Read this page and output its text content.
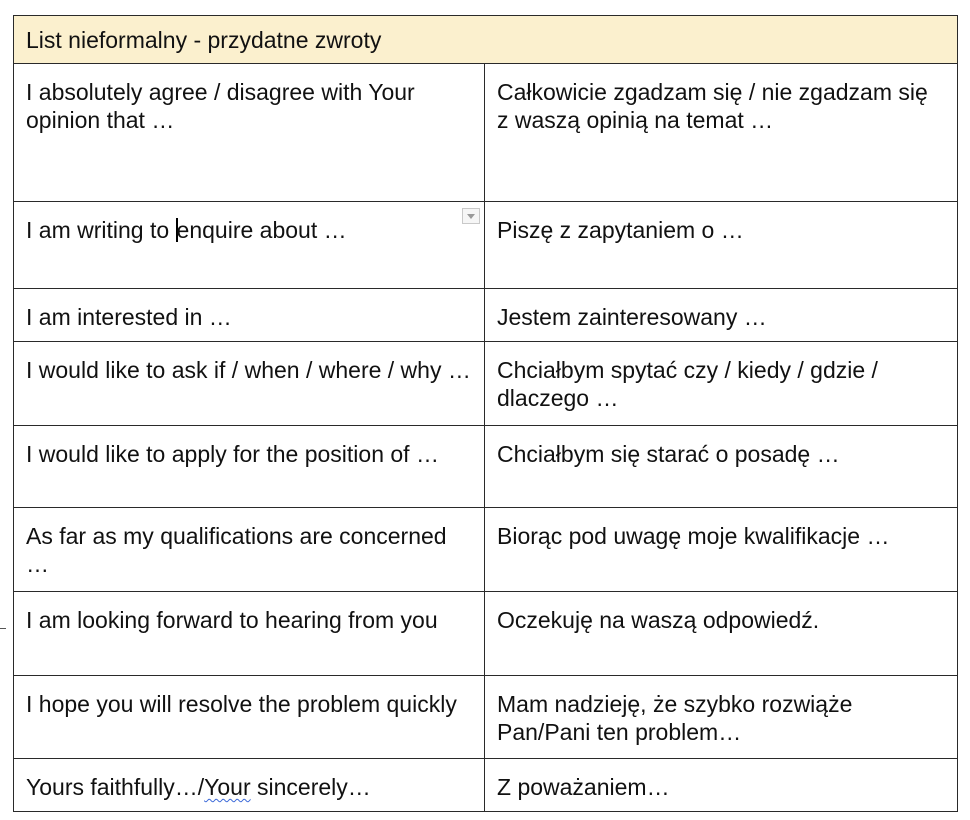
List nieformalny - przydatne zwroty	
I absolutely agree / disagree with Your opinion that …	Całkowicie zgadzam się / nie zgadzam się z waszą opinią na temat …
I am writing to enquire about …	Piszę z zapytaniem o …
I am interested in …	Jestem zainteresowany …
I would like to ask if / when / where / why …	Chciałbym spytać czy / kiedy / gdzie / dlaczego …
I would like to apply for the position of …	Chciałbym się starać o posadę …
As far as my qualifications are concerned …	Biorąc pod uwagę moje kwalifikacje …
I am looking forward to hearing from you	Oczekuję na waszą odpowiedź.
I hope you will resolve the problem quickly	Mam nadzieję, że szybko rozwiąże Pan/Pani ten problem…
Yours faithfully…/Your sincerely…	Z poważaniem…
